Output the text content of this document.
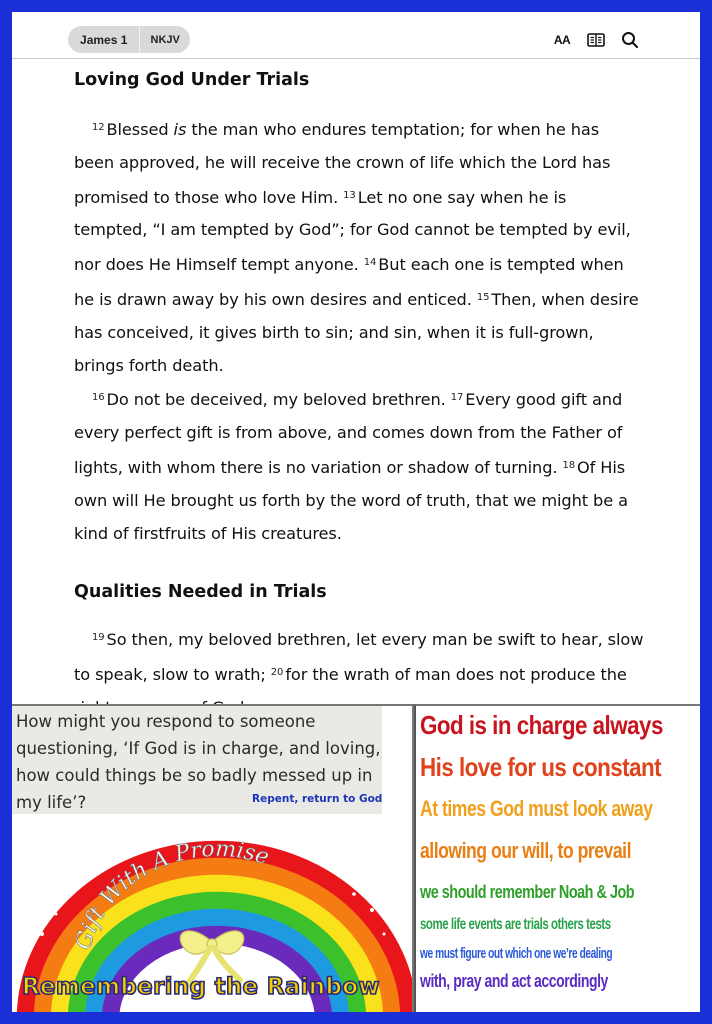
James 1	NKJV	AA
Loving God Under Trials

$^{12}$ Blessed is the man who endures temptation; for when he has been approved, he will receive the crown of life which the Lord has promised to those who love Him. $^{13}$ Let no one say when he is tempted, “I am tempted by God”; for God cannot be tempted by evil, nor does He Himself tempt anyone. $^{14}$ But each one is tempted when he is drawn away by his own desires and enticed. $^{15}$ Then, when desire has conceived, it gives birth to sin; and sin, when it is full-grown, brings forth death.

$^{16}$ Do not be deceived, my beloved brethren. $^{17}$ Every good gift and every perfect gift is from above, and comes down from the Father of lights, with whom there is no variation or shadow of turning. $^{18}$ Of His own will He brought us forth by the word of truth, that we might be a kind of firstfruits of His creatures.

Qualities Needed in Trials

$^{19}$ So then, my beloved brethren, let every man be swift to hear, slow to speak, slow to wrath; $^{20}$ for the wrath of man does not produce the

How might you respond to someone questioning, ‘If God is in charge, and loving, how could things be so badly messed up in my life’?	Repent, return to God
Gift With A Promise
Remembering the Rainbow
God is in charge always
His love for us constant
At times God must look away
allowing our will, to prevail
we should remember Noah & Job
some life events are trials others tests
we must figure out which one we’re dealing
with, pray and act accordingly
